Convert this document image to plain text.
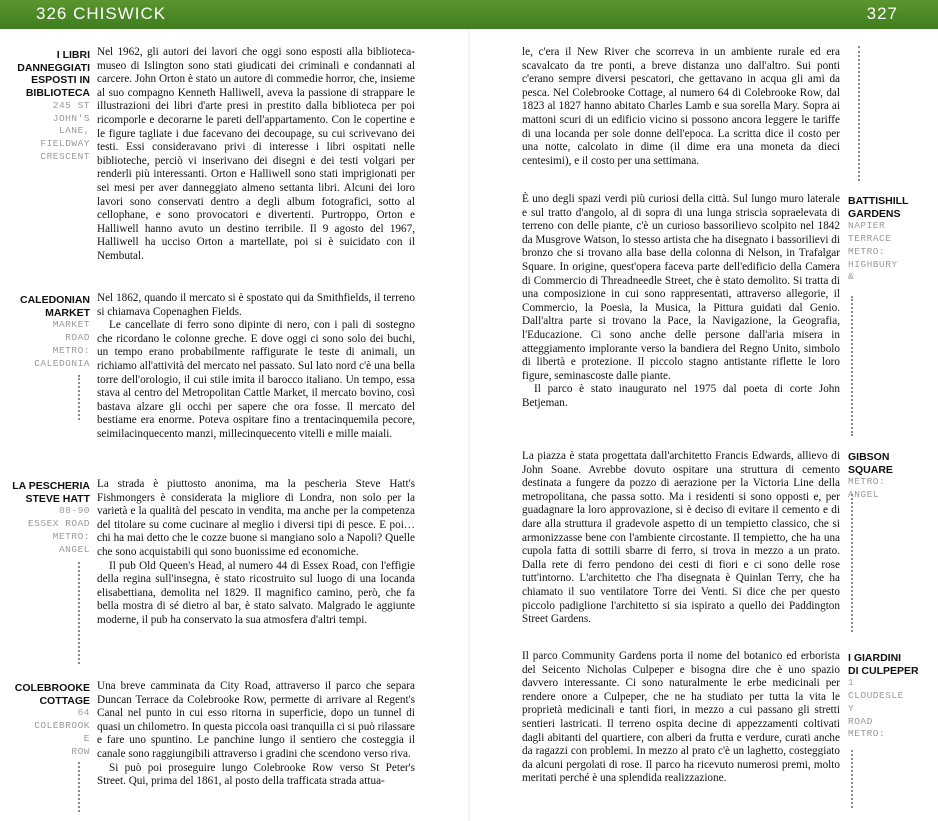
326 CHISWICK	327
I LIBRI
DANNEGGIATI
ESPOSTI IN
BIBLIOTECA
245 ST
JOHN'S
LANE,
FIELDWAY
CRESCENT

Nel 1962, gli autori dei lavori che oggi sono esposti alla biblioteca-museo di Islington sono stati giudicati dei criminali e condannati al carcere. John Orton è stato un autore di commedie horror, che, insieme al suo compagno Kenneth Halliwell, aveva la passione di strappare le illustrazioni dei libri d'arte presi in prestito dalla biblioteca per poi ricomporle e decorarne le pareti dell'appartamento. Con le copertine e le figure tagliate i due facevano dei decoupage, su cui scrivevano dei testi. Essi consideravano privi di interesse i libri ospitati nelle biblioteche, perciò vi inserivano dei disegni e dei testi volgari per renderli più interessanti. Orton e Halliwell sono stati imprigionati per sei mesi per aver danneggiato almeno settanta libri. Alcuni dei loro lavori sono conservati dentro a degli album fotografici, sotto al cellophane, e sono provocatori e divertenti. Purtroppo, Orton e Halliwell hanno avuto un destino terribile. Il 9 agosto del 1967, Halliwell ha ucciso Orton a martellate, poi si è suicidato con il Nembutal.

CALEDONIAN
MARKET
MARKET
ROAD
METRO:
CALEDONIA

Nel 1862, quando il mercato si è spostato qui da Smithfields, il terreno si chiamava Copenaghen Fields.

Le cancellate di ferro sono dipinte di nero, con i pali di sostegno che ricordano le colonne greche. E dove oggi ci sono solo dei buchi, un tempo erano probabilmente raffigurate le teste di animali, un richiamo all'attività del mercato nel passato. Sul lato nord c'è una bella torre dell'orologio, il cui stile imita il barocco italiano. Un tempo, essa stava al centro del Metropolitan Cattle Market, il mercato bovino, così bastava alzare gli occhi per sapere che ora fosse. Il mercato del bestiame era enorme. Poteva ospitare fino a trentacinquemila pecore, seimilacinquecento manzi, millecinquecento vitelli e mille maiali.

LA PESCHERIA
STEVE HATT
88-90
ESSEX ROAD
METRO:
ANGEL

La strada è piuttosto anonima, ma la pescheria Steve Hatt's Fishmongers è considerata la migliore di Londra, non solo per la varietà e la qualità del pescato in vendita, ma anche per la competenza del titolare su come cucinare al meglio i diversi tipi di pesce. E poi… chi ha mai detto che le cozze buone si mangiano solo a Napoli? Quelle che sono acquistabili qui sono buonissime ed economiche.

Il pub Old Queen's Head, al numero 44 di Essex Road, con l'effigie della regina sull'insegna, è stato ricostruito sul luogo di una locanda elisabettiana, demolita nel 1829. Il magnifico camino, però, che fa bella mostra di sé dietro al bar, è stato salvato. Malgrado le aggiunte moderne, il pub ha conservato la sua atmosfera d'altri tempi.

COLEBROOKE
COTTAGE
64
COLEBROOK
E
ROW

Una breve camminata da City Road, attraverso il parco che separa Duncan Terrace da Colebrooke Row, permette di arrivare al Regent's Canal nel punto in cui esso ritorna in superficie, dopo un tunnel di quasi un chilometro. In questa piccola oasi tranquilla ci si può rilassare e fare uno spuntino. Le panchine lungo il sentiero che costeggia il canale sono raggiungibili attraverso i gradini che scendono verso riva.

Si può poi proseguire lungo Colebrooke Row verso St Peter's Street. Qui, prima del 1861, al posto della trafficata strada attua-

le, c'era il New River che scorreva in un ambiente rurale ed era scavalcato da tre ponti, a breve distanza uno dall'altro. Sui ponti c'erano sempre diversi pescatori, che gettavano in acqua gli ami da pesca. Nel Colebrooke Cottage, al numero 64 di Colebrooke Row, dal 1823 al 1827 hanno abitato Charles Lamb e sua sorella Mary. Sopra ai mattoni scuri di un edificio vicino si possono ancora leggere le tariffe di una locanda per sole donne dell'epoca. La scritta dice il costo per una notte, calcolato in dime (il dime era una moneta da dieci centesimi), e il costo per una settimana.

È uno degli spazi verdi più curiosi della città. Sul lungo muro laterale e sul tratto d'angolo, al di sopra di una lunga striscia sopraelevata di terreno con delle piante, c'è un curioso bassorilievo scolpito nel 1842 da Musgrove Watson, lo stesso artista che ha disegnato i bassorilievi di bronzo che si trovano alla base della colonna di Nelson, in Trafalgar Square. In origine, quest'opera faceva parte dell'edificio della Camera di Commercio di Threadneedle Street, che è stato demolito. Si tratta di una composizione in cui sono rappresentati, attraverso allegorie, il Commercio, la Poesia, la Musica, la Pittura guidati dal Genio. Dall'altra parte si trovano la Pace, la Navigazione, la Geografia, l'Educazione. Ci sono anche delle persone dall'aria misera in atteggiamento implorante verso la bandiera del Regno Unito, simbolo di libertà e protezione. Il piccolo stagno antistante riflette le loro figure, seminascoste dalle piante.

Il parco è stato inaugurato nel 1975 dal poeta di corte John Betjeman.

BATTISHILL
GARDENS
NAPIER
TERRACE
METRO:
HIGHBURY
&

La piazza è stata progettata dall'architetto Francis Edwards, allievo di John Soane. Avrebbe dovuto ospitare una struttura di cemento destinata a fungere da pozzo di aerazione per la Victoria Line della metropolitana, che passa sotto. Ma i residenti si sono opposti e, per guadagnare la loro approvazione, si è deciso di evitare il cemento e di dare alla struttura il gradevole aspetto di un tempietto classico, che si armonizzasse bene con l'ambiente circostante. Il tempietto, che ha una cupola fatta di sottili sbarre di ferro, si trova in mezzo a un prato. Dalla rete di ferro pendono dei cesti di fiori e ci sono delle rose tutt'intorno. L'architetto che l'ha disegnata è Quinlan Terry, che ha chiamato il suo ventilatore Torre dei Venti. Si dice che per questo piccolo padiglione l'architetto si sia ispirato a quello dei Paddington Street Gardens.

GIBSON SQUARE
METRO:
ANGEL

Il parco Community Gardens porta il nome del botanico ed erborista del Seicento Nicholas Culpeper e bisogna dire che è uno spazio davvero interessante. Ci sono naturalmente le erbe medicinali per rendere onore a Culpeper, che ne ha studiato per tutta la vita le proprietà medicinali e tanti fiori, in mezzo a cui passano gli stretti sentieri lastricati. Il terreno ospita decine di appezzamenti coltivati dagli abitanti del quartiere, con alberi da frutta e verdure, curati anche da ragazzi con problemi. In mezzo al prato c'è un laghetto, costeggiato da alcuni pergolati di rose. Il parco ha ricevuto numerosi premi, molto meritati perché è una splendida realizzazione.

I GIARDINI
DI CULPEPER
1
CLOUDESLE
Y
ROAD
METRO:
